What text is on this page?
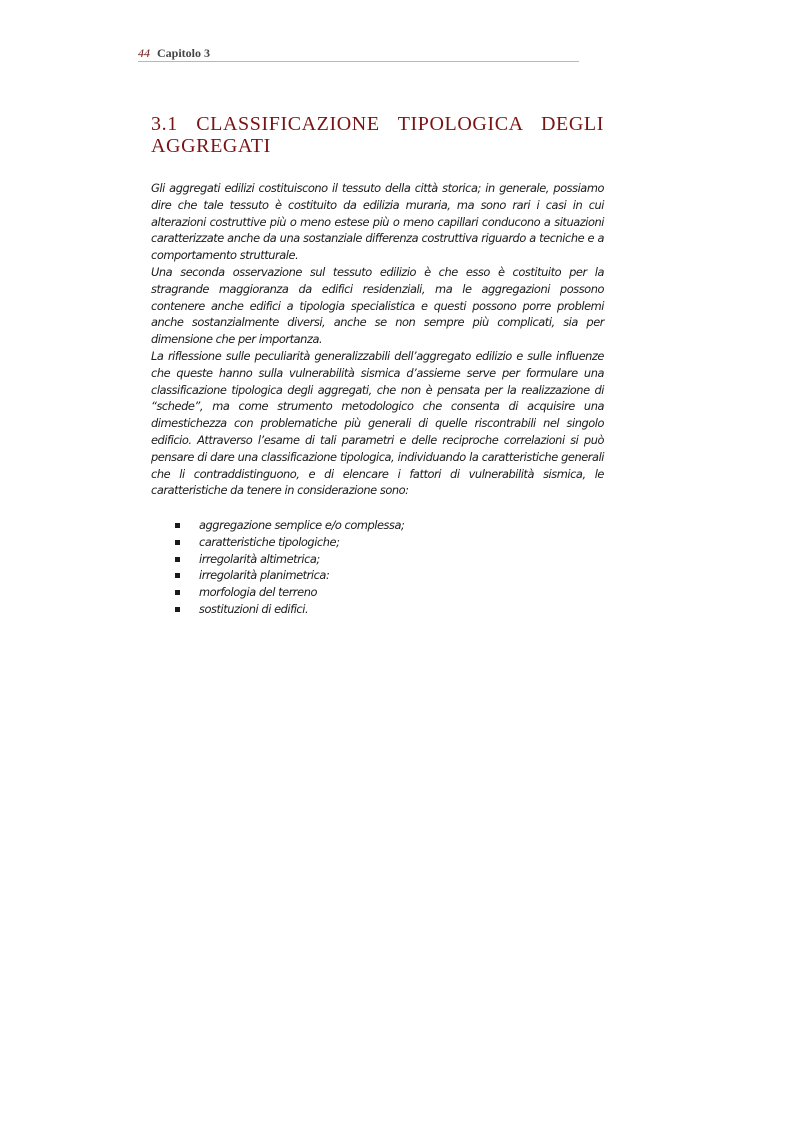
44 Capitolo 3
3.1 CLASSIFICAZIONE TIPOLOGICA DEGLI AGGREGATI

Gli aggregati edilizi costituiscono il tessuto della città storica; in generale, possiamo dire che tale tessuto è costituito da edilizia muraria, ma sono rari i casi in cui alterazioni costruttive più o meno estese più o meno capillari conducono a situazioni caratterizzate anche da una sostanziale differenza costruttiva riguardo a tecniche e a comportamento strutturale.

Una seconda osservazione sul tessuto edilizio è che esso è costituito per la stragrande maggioranza da edifici residenziali, ma le aggregazioni possono contenere anche edifici a tipologia specialistica e questi possono porre problemi anche sostanzialmente diversi, anche se non sempre più complicati, sia per dimensione che per importanza.

La riflessione sulle peculiarità generalizzabili dell’aggregato edilizio e sulle influenze che queste hanno sulla vulnerabilità sismica d’assieme serve per formulare una classificazione tipologica degli aggregati, che non è pensata per la realizzazione di “schede”, ma come strumento metodologico che consenta di acquisire una dimestichezza con problematiche più generali di quelle riscontrabili nel singolo edificio. Attraverso l’esame di tali parametri e delle reciproche correlazioni si può pensare di dare una classificazione tipologica, individuando la caratteristiche generali che li contraddistinguono, e di elencare i fattori di vulnerabilità sismica, le caratteristiche da tenere in considerazione sono:

aggregazione semplice e/o complessa;
caratteristiche tipologiche;
irregolarità altimetrica;
irregolarità planimetrica:
morfologia del terreno
sostituzioni di edifici.
